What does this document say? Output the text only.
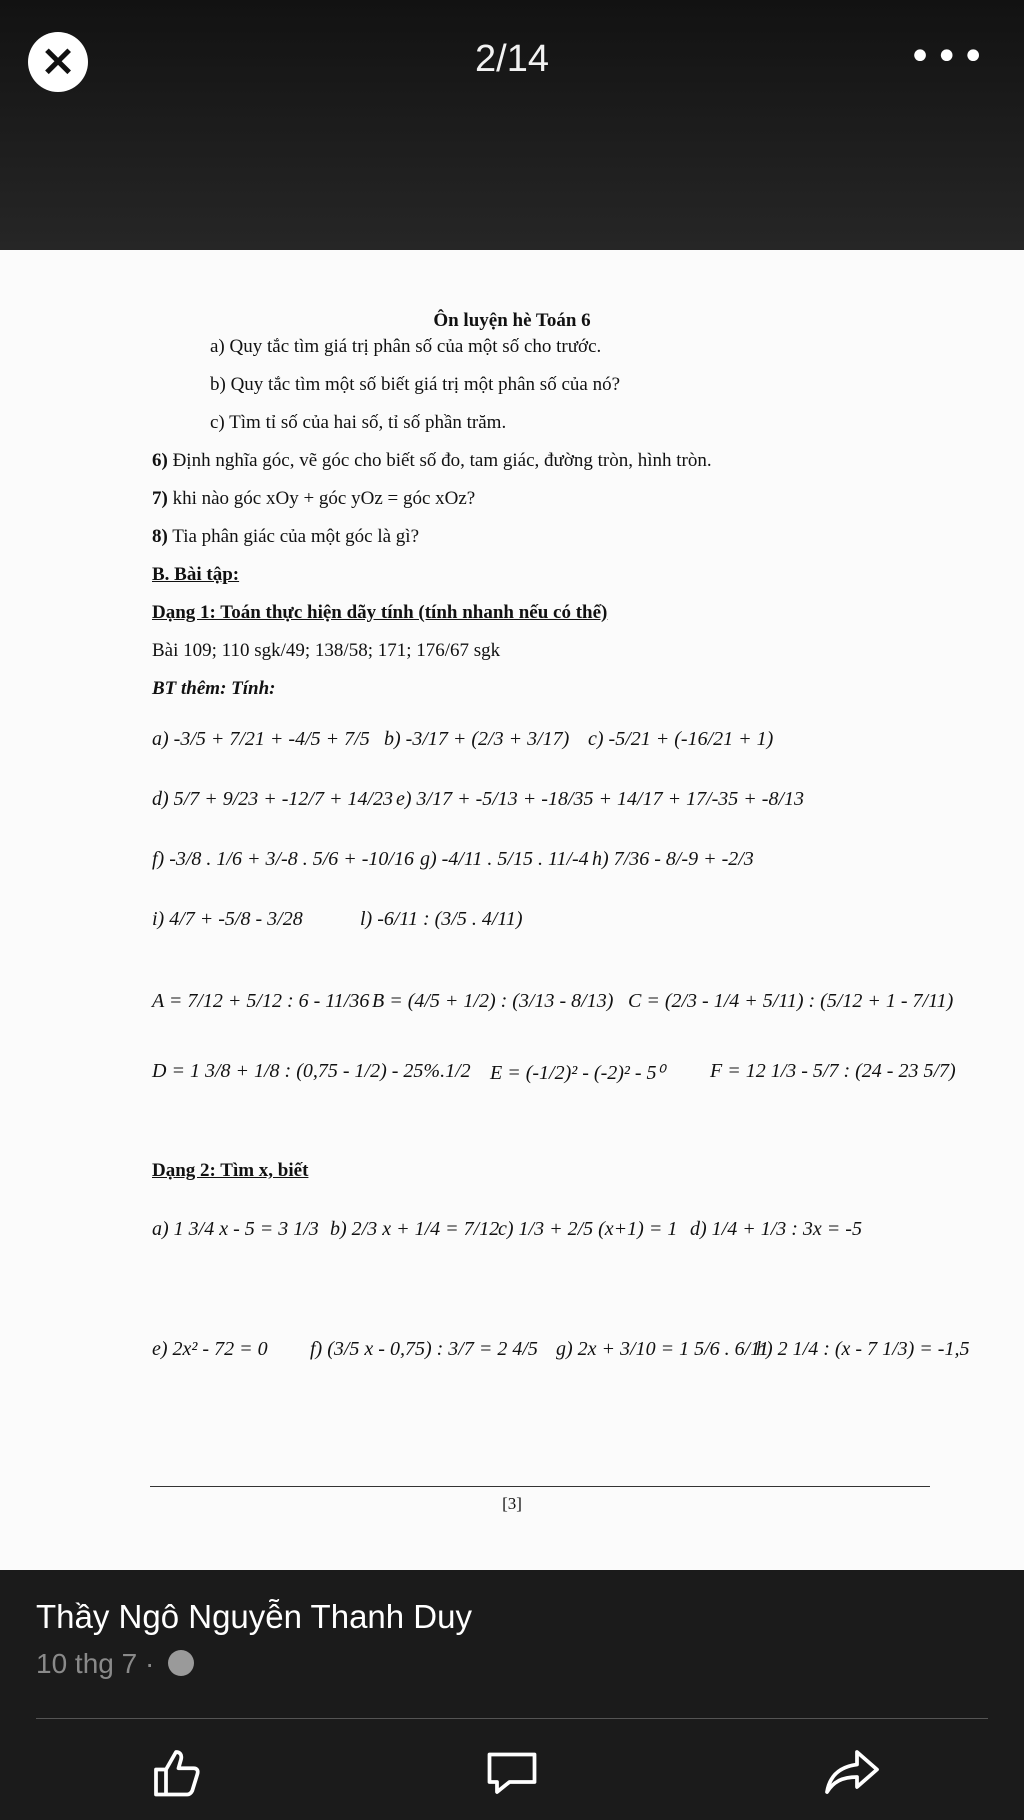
×	2/14	•••
Ôn luyện hè Toán 6
a) Quy tắc tìm giá trị phân số của một số cho trước.
b) Quy tắc tìm một số biết giá trị một phân số của nó?
c) Tìm tỉ số của hai số, tỉ số phần trăm.
6) Định nghĩa góc, vẽ góc cho biết số đo, tam giác, đường tròn, hình tròn.
7) khi nào góc xOy + góc yOz = góc xOz?
8) Tia phân giác của một góc là gì?
B. Bài tập:
Dạng 1: Toán thực hiện dãy tính (tính nhanh nếu có thể)
Bài 109; 110 sgk/49; 138/58; 171; 176/67 sgk
BT thêm: Tính:
a) -3/5 + 7/21 + -4/5 + 7/5 b) -3/17 + (2/3 + 3/17) c) -5/21 + (-16/21 + 1)
d) 5/7 + 9/23 + -12/7 + 14/23 e) 3/17 + -5/13 + -18/35 + 14/17 + 17/-35 + -8/13
f) -3/8 . 1/6 + 3/-8 . 5/6 + -10/16 g) -4/11 . 5/15 . 11/-4 h) 7/36 - 8/-9 + -2/3
i) 4/7 + -5/8 - 3/28	l) -6/11 : (3/5 . 4/11)
A = 7/12 + 5/12 : 6 - 11/36 B = (4/5 + 1/2) : (3/13 - 8/13) C = (2/3 - 1/4 + 5/11) : (5/12 + 1 - 7/11)
D = 1 3/8 + 1/8 : (0,75 - 1/2) - 25%.1/2 E = (-1/2)² - (-2)² - 5⁰ F = 12 1/3 - 5/7 : (24 - 23 5/7)
Dạng 2: Tìm x, biết
a) 1 3/4 x - 5 = 3 1/3 b) 2/3 x + 1/4 = 7/12
c) 1/3 + 2/5 (x+1) = 1 d) 1/4 + 1/3 : 3x = -5
e) 2x² - 72 = 0 f) (3/5 x - 0,75) : 3/7 = 2 4/5 g) 2x + 3/10 = 1 5/6 . 6/11
h) 2 1/4 : (x - 7 1/3) = -1,5
[3]
Thầy Ngô Nguyễn Thanh Duy
10 thg 7 ·
